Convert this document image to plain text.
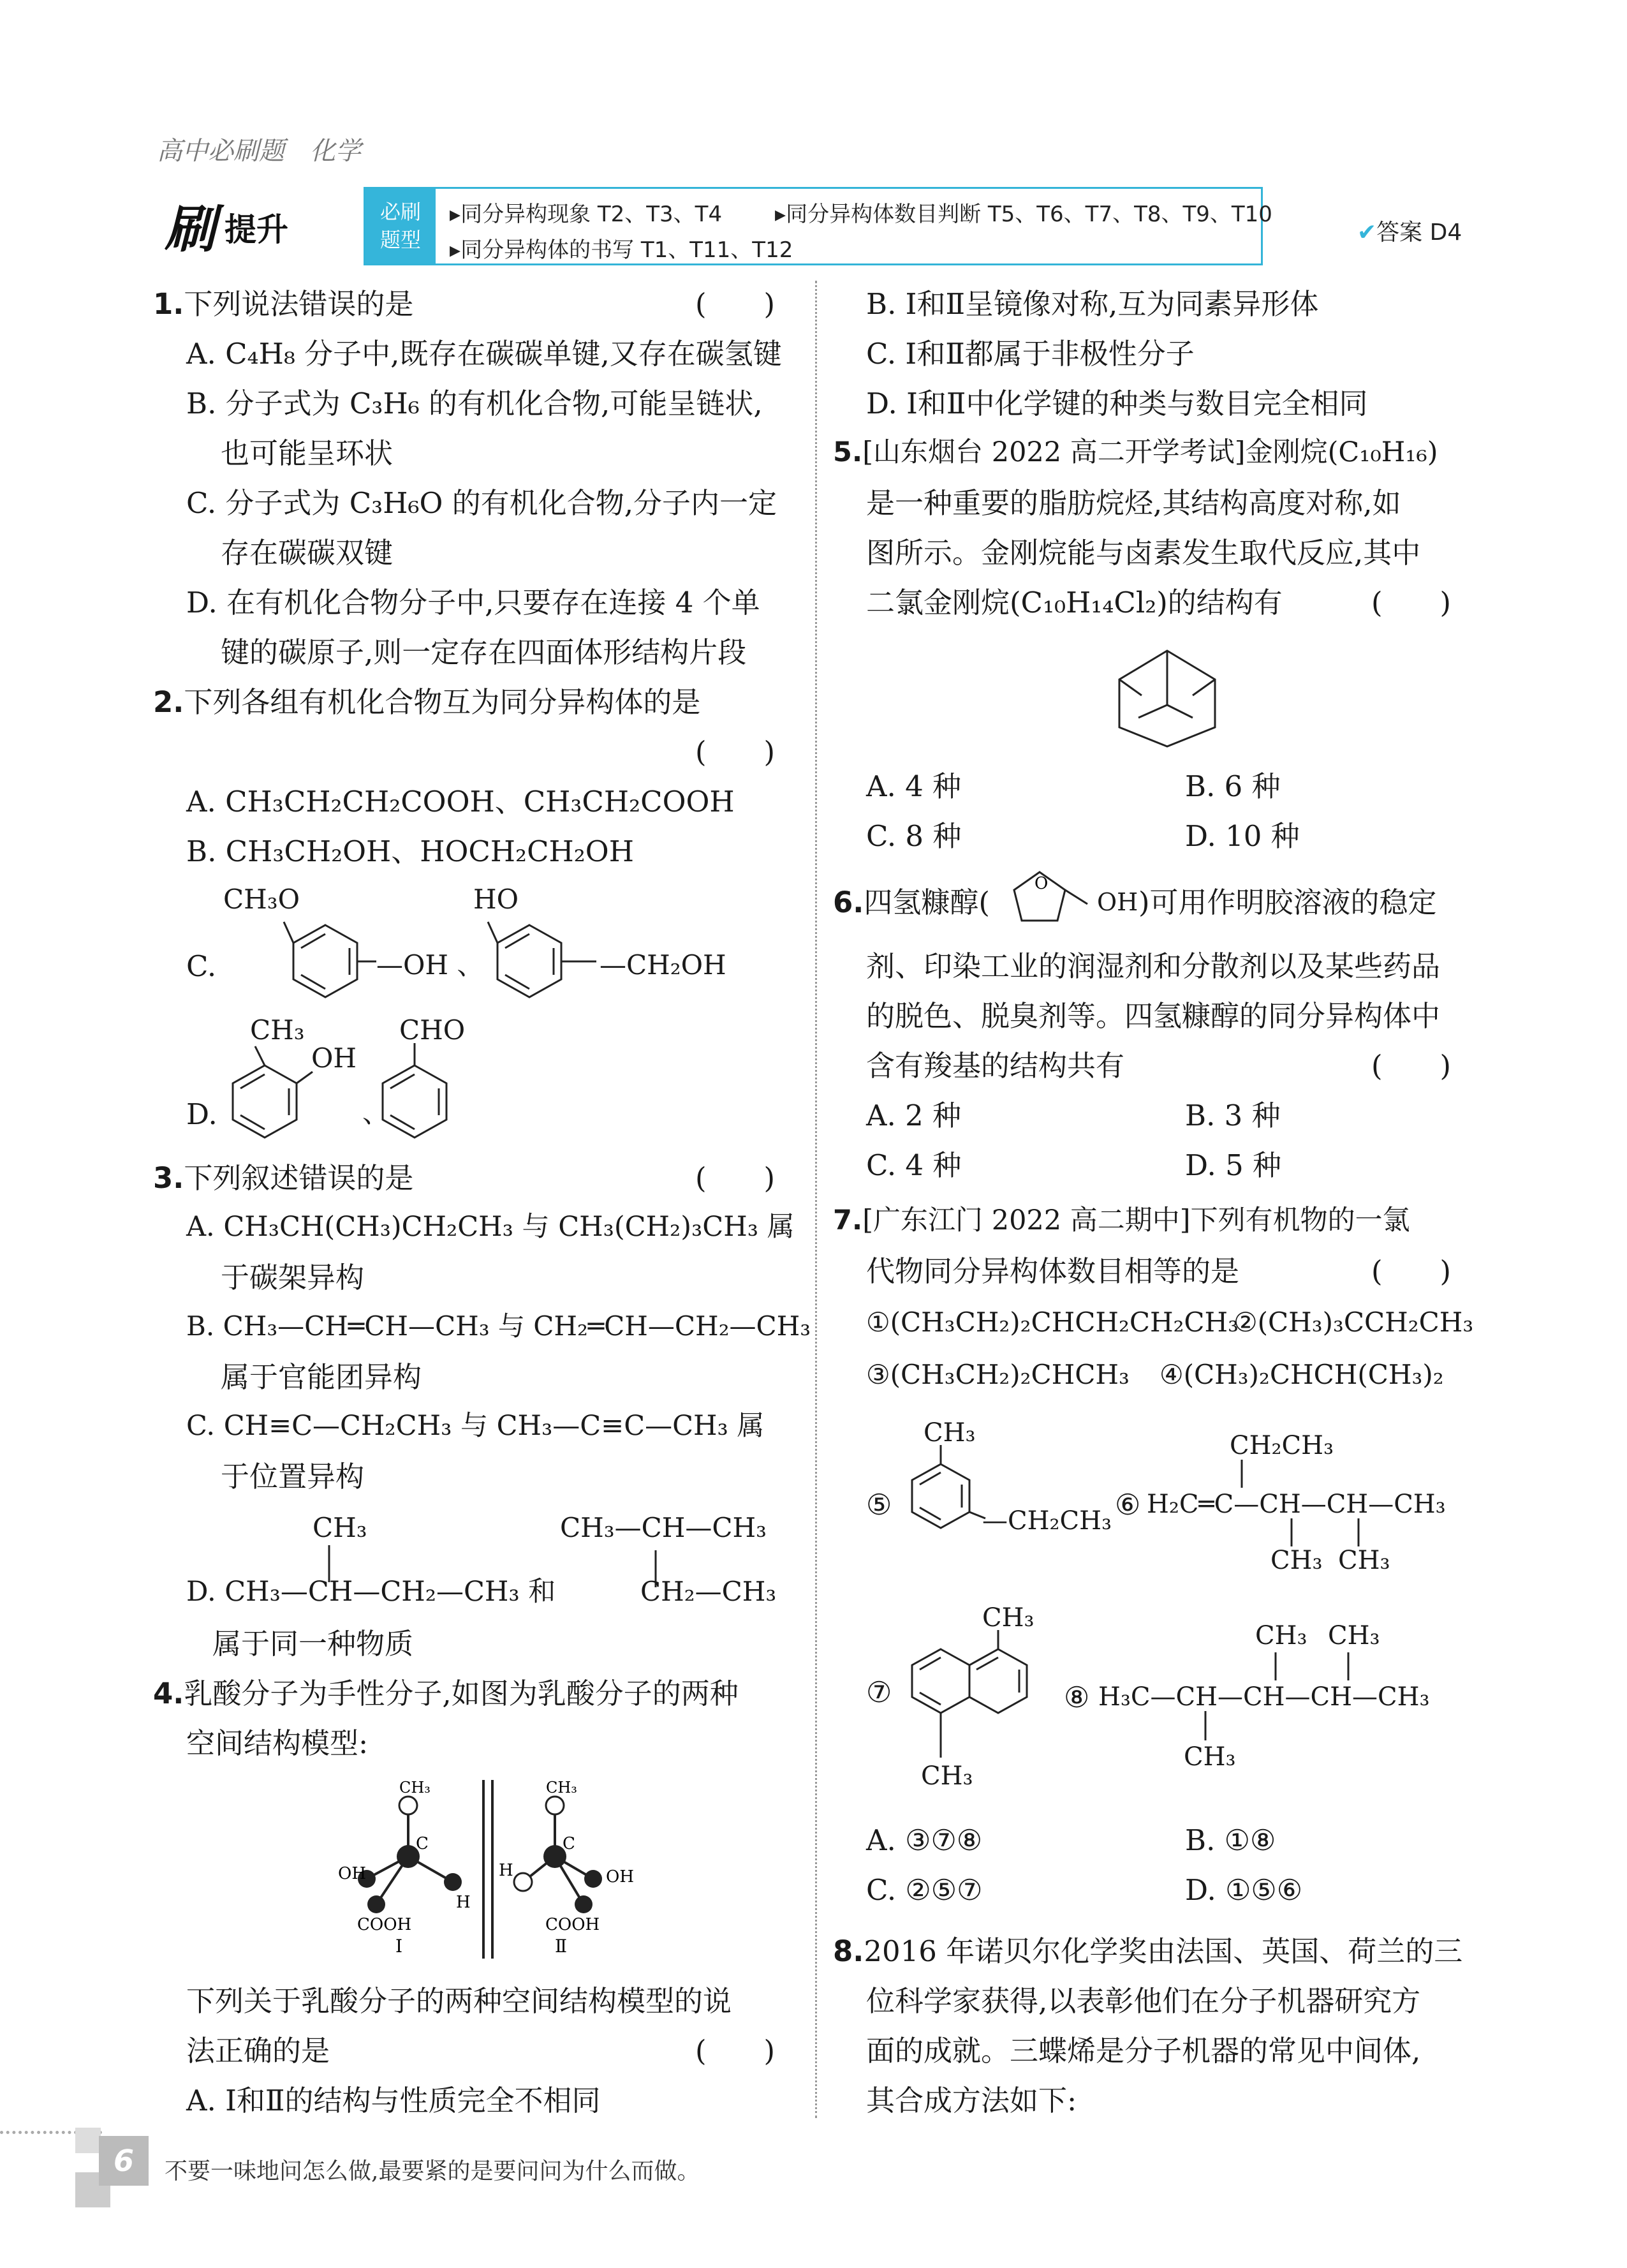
高中必刷题　化学
刷 提升	必刷题型
▸同分异构现象 T2、T3、T4 ▸同分异构体数目判断 T5、T6、T7、T8、T9、T10
▸同分异构体的书写 T1、T11、T12
✔答案 D4
1.下列说法错误的是	(　　)
A. C₄H₈ 分子中,既存在碳碳单键,又存在碳氢键
B. 分子式为 C₃H₆ 的有机化合物,可能呈链状,
也可能呈环状
C. 分子式为 C₃H₆O 的有机化合物,分子内一定
存在碳碳双键
D. 在有机化合物分子中,只要存在连接 4 个单
键的碳原子,则一定存在四面体形结构片段
2.下列各组有机化合物互为同分异构体的是
(　　)
A. CH₃CH₂CH₂COOH、CH₃CH₂COOH
B. CH₃CH₂OH、HOCH₂CH₂OH
C.
CH₃O
—OH 、
HO
—CH₂OH
D.
CH₃
OH
CHO
、
3.下列叙述错误的是	(　　)
A. CH₃CH(CH₃)CH₂CH₃ 与 CH₃(CH₂)₃CH₃ 属
于碳架异构
B. CH₃—CH═CH—CH₃ 与 CH₂═CH—CH₂—CH₃
属于官能团异构
C. CH≡C—CH₂CH₃ 与 CH₃—C≡C—CH₃ 属
于位置异构
CH₃
D. CH₃—CH—CH₂—CH₃ 和
CH₃—CH—CH₃
CH₂—CH₃
属于同一种物质
4.乳酸分子为手性分子,如图为乳酸分子的两种
空间结构模型:
CH₃
C
OH
H
COOH
Ⅰ
CH₃
C
H	OH
COOH
Ⅱ
下列关于乳酸分子的两种空间结构模型的说
法正确的是	(　　)
A. Ⅰ和Ⅱ的结构与性质完全不相同
B. Ⅰ和Ⅱ呈镜像对称,互为同素异形体
C. Ⅰ和Ⅱ都属于非极性分子
D. Ⅰ和Ⅱ中化学键的种类与数目完全相同
5.[山东烟台 2022 高二开学考试]金刚烷(C₁₀H₁₆)
是一种重要的脂肪烷烃,其结构高度对称,如
图所示。金刚烷能与卤素发生取代反应,其中
二氯金刚烷(C₁₀H₁₄Cl₂)的结构有	(　　)
A. 4 种	B. 6 种
C. 8 种	D. 10 种
6.四氢糠醇(
O
OH )可用作明胶溶液的稳定
剂、印染工业的润湿剂和分散剂以及某些药品
的脱色、脱臭剂等。四氢糠醇的同分异构体中
含有羧基的结构共有	(　　)
A. 2 种	B. 3 种
C. 4 种	D. 5 种
7.[广东江门 2022 高二期中]下列有机物的一氯
代物同分异构体数目相等的是	(　　)
①(CH₃CH₂)₂CHCH₂CH₂CH₃
②(CH₃)₃CCH₂CH₃
③(CH₃CH₂)₂CHCH₃ ④(CH₃)₂CHCH(CH₃)₂
⑤
CH₃
—CH₂CH₃ ⑥
CH₂CH₃
H₂C═C—CH—CH—CH₃
CH₃ CH₃
⑦
CH₃
CH₃
⑧ H₃C—CH—CH—CH—CH₃
CH₃ CH₃
CH₃
A. ③⑦⑧	B. ①⑧
C. ②⑤⑦	D. ①⑤⑥
8.2016 年诺贝尔化学奖由法国、英国、荷兰的三
位科学家获得,以表彰他们在分子机器研究方
面的成就。三蝶烯是分子机器的常见中间体,
其合成方法如下:
6	不要一味地问怎么做,最要紧的是要问问为什么而做。
